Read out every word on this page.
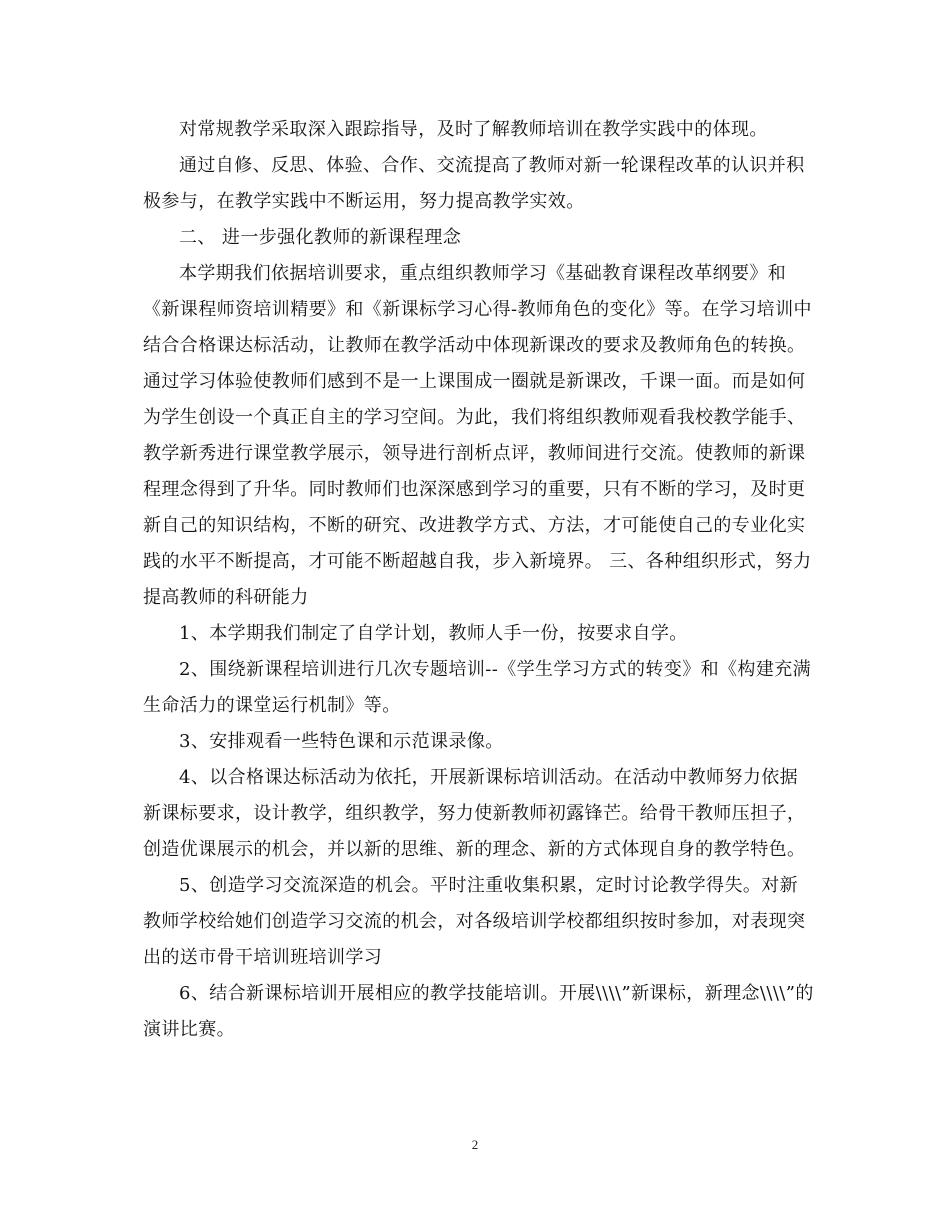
对常规教学采取深入跟踪指导，及时了解教师培训在教学实践中的体现。

通过自修、反思、体验、合作、交流提高了教师对新一轮课程改革的认识并积极参与，在教学实践中不断运用，努力提高教学实效。

二、 进一步强化教师的新课程理念

本学期我们依据培训要求，重点组织教师学习《基础教育课程改革纲要》和《新课程师资培训精要》和《新课标学习心得-教师角色的变化》等。在学习培训中结合合格课达标活动，让教师在教学活动中体现新课改的要求及教师角色的转换。通过学习体验使教师们感到不是一上课围成一圈就是新课改，千课一面。而是如何为学生创设一个真正自主的学习空间。为此，我们将组织教师观看我校教学能手、教学新秀进行课堂教学展示，领导进行剖析点评，教师间进行交流。使教师的新课程理念得到了升华。同时教师们也深深感到学习的重要，只有不断的学习，及时更新自己的知识结构，不断的研究、改进教学方式、方法，才可能使自己的专业化实践的水平不断提高，才可能不断超越自我，步入新境界。 三、各种组织形式，努力提高教师的科研能力

1、本学期我们制定了自学计划，教师人手一份，按要求自学。

2、围绕新课程培训进行几次专题培训--《学生学习方式的转变》和《构建充满生命活力的课堂运行机制》等。

3、安排观看一些特色课和示范课录像。

4、以合格课达标活动为依托，开展新课标培训活动。在活动中教师努力依据新课标要求，设计教学，组织教学，努力使新教师初露锋芒。给骨干教师压担子，创造优课展示的机会，并以新的思维、新的理念、新的方式体现自身的教学特色。

5、创造学习交流深造的机会。平时注重收集积累，定时讨论教学得失。对新教师学校给她们创造学习交流的机会，对各级培训学校都组织按时参加，对表现突出的送市骨干培训班培训学习

6、结合新课标培训开展相应的教学技能培训。开展\\\\”新课标，新理念\\\\”的演讲比赛。

2
